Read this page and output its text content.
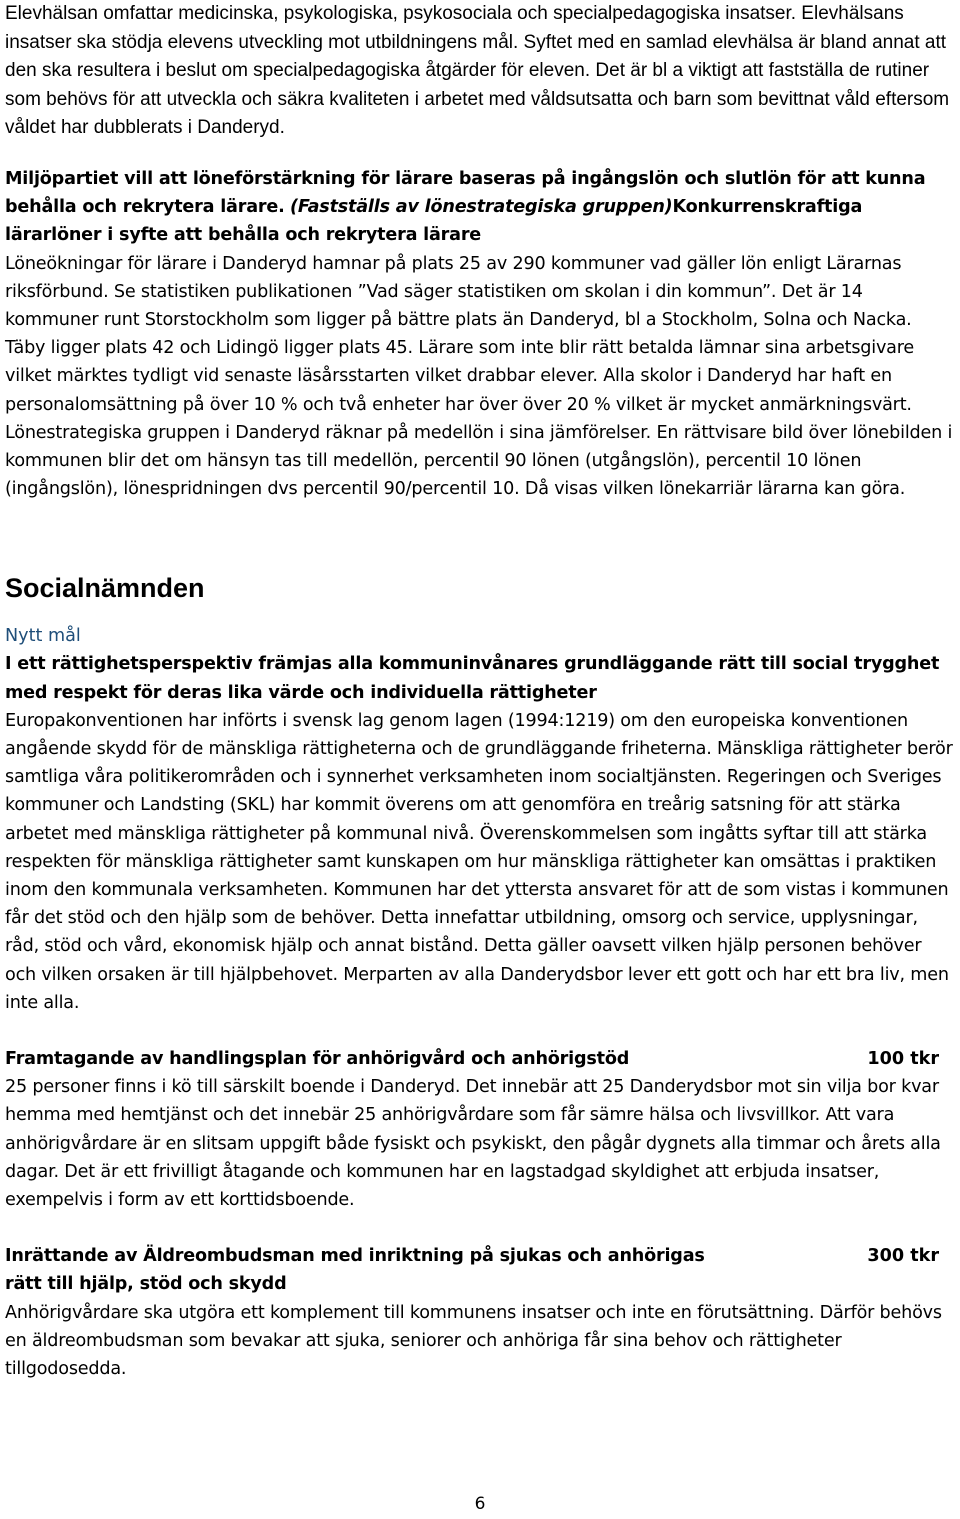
Elevhälsan omfattar medicinska, psykologiska, psykosociala och specialpedagogiska insatser. Elevhälsans insatser ska stödja elevens utveckling mot utbildningens mål. Syftet med en samlad elevhälsa är bland annat att den ska resultera i beslut om specialpedagogiska åtgärder för eleven. Det är bl a viktigt att fastställa de rutiner som behövs för att utveckla och säkra kvaliteten i arbetet med våldsutsatta och barn som bevittnat våld eftersom våldet har dubblerats i Danderyd.

Miljöpartiet vill att löneförstärkning för lärare baseras på ingångslön och slutlön för att kunna behålla och rekrytera lärare. (Fastställs av lönestrategiska gruppen)Konkurrenskraftiga lärarlöner i syfte att behålla och rekrytera lärare

Löneökningar för lärare i Danderyd hamnar på plats 25 av 290 kommuner vad gäller lön enligt Lärarnas riksförbund. Se statistiken publikationen ”Vad säger statistiken om skolan i din kommun”. Det är 14 kommuner runt Storstockholm som ligger på bättre plats än Danderyd, bl a Stockholm, Solna och Nacka. Täby ligger plats 42 och Lidingö ligger plats 45. Lärare som inte blir rätt betalda lämnar sina arbetsgivare vilket märktes tydligt vid senaste läsårsstarten vilket drabbar elever. Alla skolor i Danderyd har haft en personalomsättning på över 10 % och två enheter har över över 20 % vilket är mycket anmärkningsvärt. Lönestrategiska gruppen i Danderyd räknar på medellön i sina jämförelser. En rättvisare bild över lönebilden i kommunen blir det om hänsyn tas till medellön, percentil 90 lönen (utgångslön), percentil 10 lönen (ingångslön), lönespridningen dvs percentil 90/percentil 10. Då visas vilken lönekarriär lärarna kan göra.

Socialnämnden

Nytt mål

I ett rättighetsperspektiv främjas alla kommuninvånares grundläggande rätt till social trygghet med respekt för deras lika värde och individuella rättigheter

Europakonventionen har införts i svensk lag genom lagen (1994:1219) om den europeiska konventionen angående skydd för de mänskliga rättigheterna och de grundläggande friheterna. Mänskliga rättigheter berör samtliga våra politikerområden och i synnerhet verksamheten inom socialtjänsten. Regeringen och Sveriges kommuner och Landsting (SKL) har kommit överens om att genomföra en treårig satsning för att stärka arbetet med mänskliga rättigheter på kommunal nivå. Överenskommelsen som ingåtts syftar till att stärka respekten för mänskliga rättigheter samt kunskapen om hur mänskliga rättigheter kan omsättas i praktiken inom den kommunala verksamheten. Kommunen har det yttersta ansvaret för att de som vistas i kommunen får det stöd och den hjälp som de behöver. Detta innefattar utbildning, omsorg och service, upplysningar, råd, stöd och vård, ekonomisk hjälp och annat bistånd. Detta gäller oavsett vilken hjälp personen behöver och vilken orsaken är till hjälpbehovet. Merparten av alla Danderydsbor lever ett gott och har ett bra liv, men inte alla.

Framtagande av handlingsplan för anhörigvård och anhörigstöd	100 tkr

25 personer finns i kö till särskilt boende i Danderyd. Det innebär att 25 Danderydsbor mot sin vilja bor kvar hemma med hemtjänst och det innebär 25 anhörigvårdare som får sämre hälsa och livsvillkor. Att vara anhörigvårdare är en slitsam uppgift både fysiskt och psykiskt, den pågår dygnets alla timmar och årets alla dagar. Det är ett frivilligt åtagande och kommunen har en lagstadgad skyldighet att erbjuda insatser, exempelvis i form av ett korttidsboende.

Inrättande av Äldreombudsman med inriktning på sjukas och anhörigas	300 tkr

rätt till hjälp, stöd och skydd

Anhörigvårdare ska utgöra ett komplement till kommunens insatser och inte en förutsättning. Därför behövs en äldreombudsman som bevakar att sjuka, seniorer och anhöriga får sina behov och rättigheter tillgodosedda.

6
